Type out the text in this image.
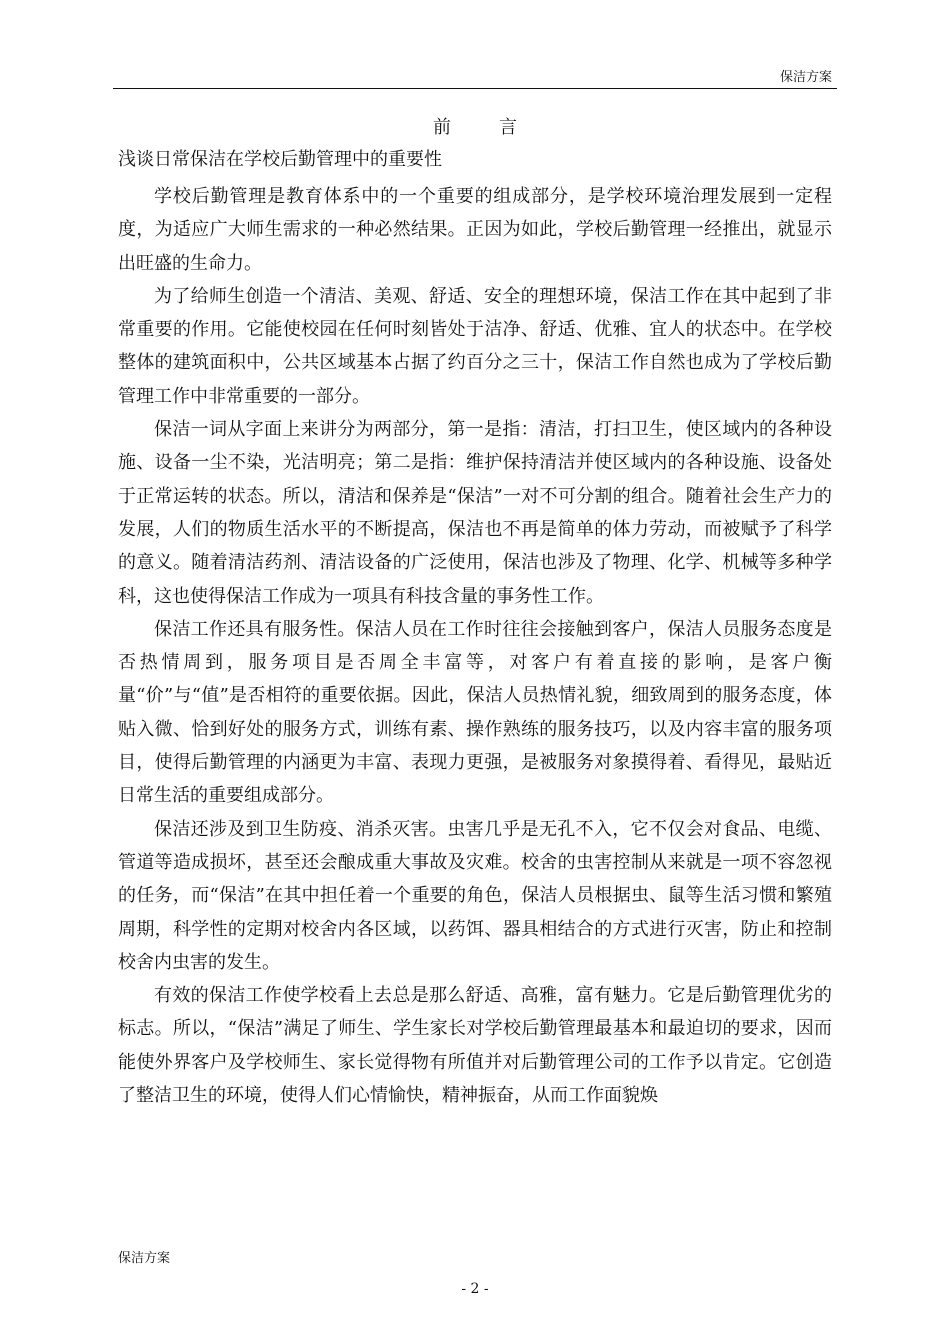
保洁方案
前言
浅谈日常保洁在学校后勤管理中的重要性

学校后勤管理是教育体系中的一个重要的组成部分，是学校环境治理发展到一定程度，为适应广大师生需求的一种必然结果。正因为如此，学校后勤管理一经推出，就显示出旺盛的生命力。

为了给师生创造一个清洁、美观、舒适、安全的理想环境，保洁工作在其中起到了非常重要的作用。它能使校园在任何时刻皆处于洁净、舒适、优雅、宜人的状态中。在学校整体的建筑面积中，公共区域基本占据了约百分之三十，保洁工作自然也成为了学校后勤管理工作中非常重要的一部分。

保洁一词从字面上来讲分为两部分，第一是指：清洁，打扫卫生，使区域内的各种设施、设备一尘不染，光洁明亮；第二是指：维护保持清洁并使区域内的各种设施、设备处于正常运转的状态。所以，清洁和保养是“保洁”一对不可分割的组合。随着社会生产力的发展，人们的物质生活水平的不断提高，保洁也不再是简单的体力劳动，而被赋予了科学的意义。随着清洁药剂、清洁设备的广泛使用，保洁也涉及了物理、化学、机械等多种学科，这也使得保洁工作成为一项具有科技含量的事务性工作。

保洁工作还具有服务性。保洁人员在工作时往往会接触到客户，保洁人员服务态度是否热情周到，服务项目是否周全丰富等，对客户有着直接的影响，是客户衡量“价”与“值”是否相符的重要依据。因此，保洁人员热情礼貌，细致周到的服务态度，体贴入微、恰到好处的服务方式，训练有素、操作熟练的服务技巧，以及内容丰富的服务项目，使得后勤管理的内涵更为丰富、表现力更强，是被服务对象摸得着、看得见，最贴近日常生活的重要组成部分。

保洁还涉及到卫生防疫、消杀灭害。虫害几乎是无孔不入，它不仅会对食品、电缆、管道等造成损坏，甚至还会酿成重大事故及灾难。校舍的虫害控制从来就是一项不容忽视的任务，而“保洁”在其中担任着一个重要的角色，保洁人员根据虫、鼠等生活习惯和繁殖周期，科学性的定期对校舍内各区域，以药饵、器具相结合的方式进行灭害，防止和控制校舍内虫害的发生。

有效的保洁工作使学校看上去总是那么舒适、高雅，富有魅力。它是后勤管理优劣的标志。所以，“保洁”满足了师生、学生家长对学校后勤管理最基本和最迫切的要求，因而能使外界客户及学校师生、家长觉得物有所值并对后勤管理公司的工作予以肯定。它创造了整洁卫生的环境，使得人们心情愉快，精神振奋，从而工作面貌焕

保洁方案
- 2 -
